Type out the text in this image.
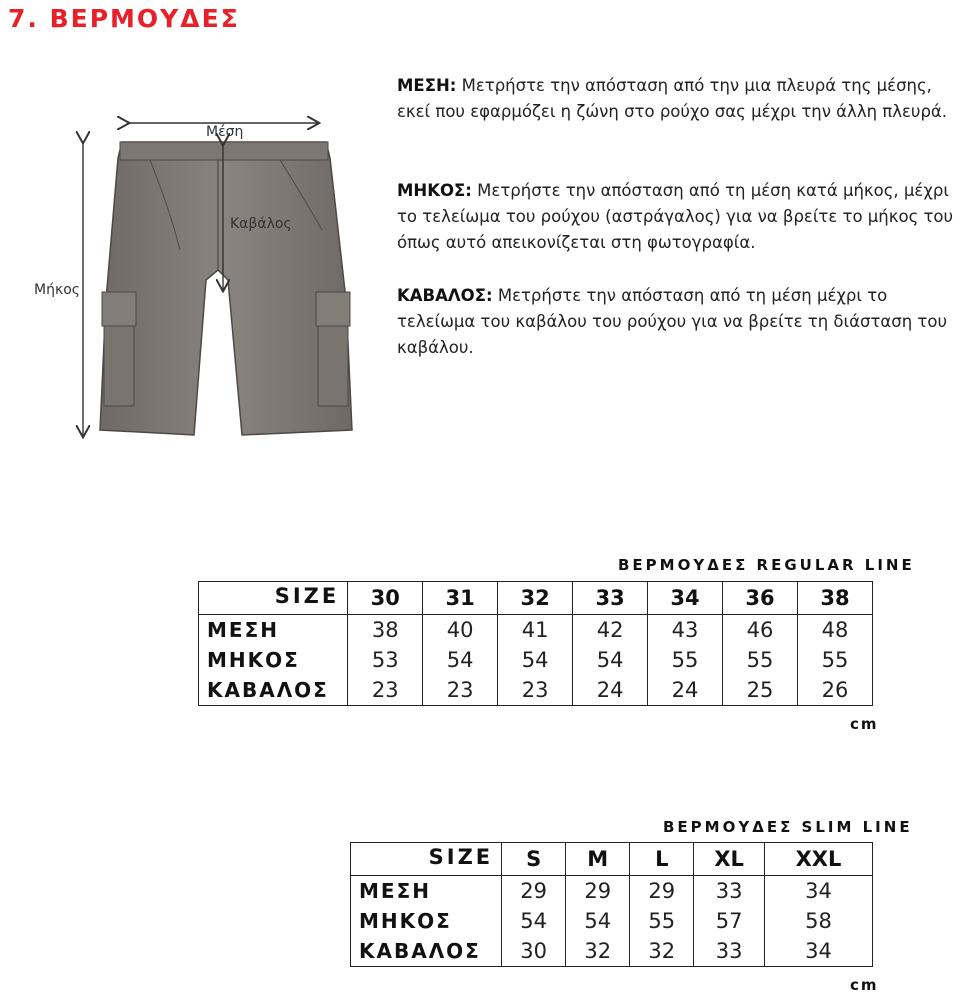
7. ΒΕΡΜΟΥΔΕΣ
Μέση
Καβάλος
Μήκος
ΜΕΣΗ: Μετρήστε την απόσταση από την μια πλευρά της μέσης, εκεί που εφαρμόζει η ζώνη στο ρούχο σας μέχρι την άλλη πλευρά.
ΜΗΚΟΣ: Μετρήστε την απόσταση από τη μέση κατά μήκος, μέχρι το τελείωμα του ρούχου (αστράγαλος) για να βρείτε το μήκος του όπως αυτό απεικονίζεται στη φωτογραφία.
ΚΑΒΑΛΟΣ: Μετρήστε την απόσταση από τη μέση μέχρι το τελείωμα του καβάλου του ρούχου για να βρείτε τη διάσταση του καβάλου.
ΒΕΡΜΟΥΔΕΣ REGULAR LINE
SIZE	30	31	32	33	34	36	38
ΜΕΣΗ		38	40	41	42	43	46	48
ΜΗΚΟΣ		53	54	54	54	55	55	55
ΚΑΒΑΛΟΣ		23	23	23	24	24	25	26
cm
ΒΕΡΜΟΥΔΕΣ SLIM LINE
SIZE	S	M	L	XL	XXL
ΜΕΣΗ		29	29	29	33	34
ΜΗΚΟΣ		54	54	55	57	58
ΚΑΒΑΛΟΣ		30	32	32	33	34
cm
